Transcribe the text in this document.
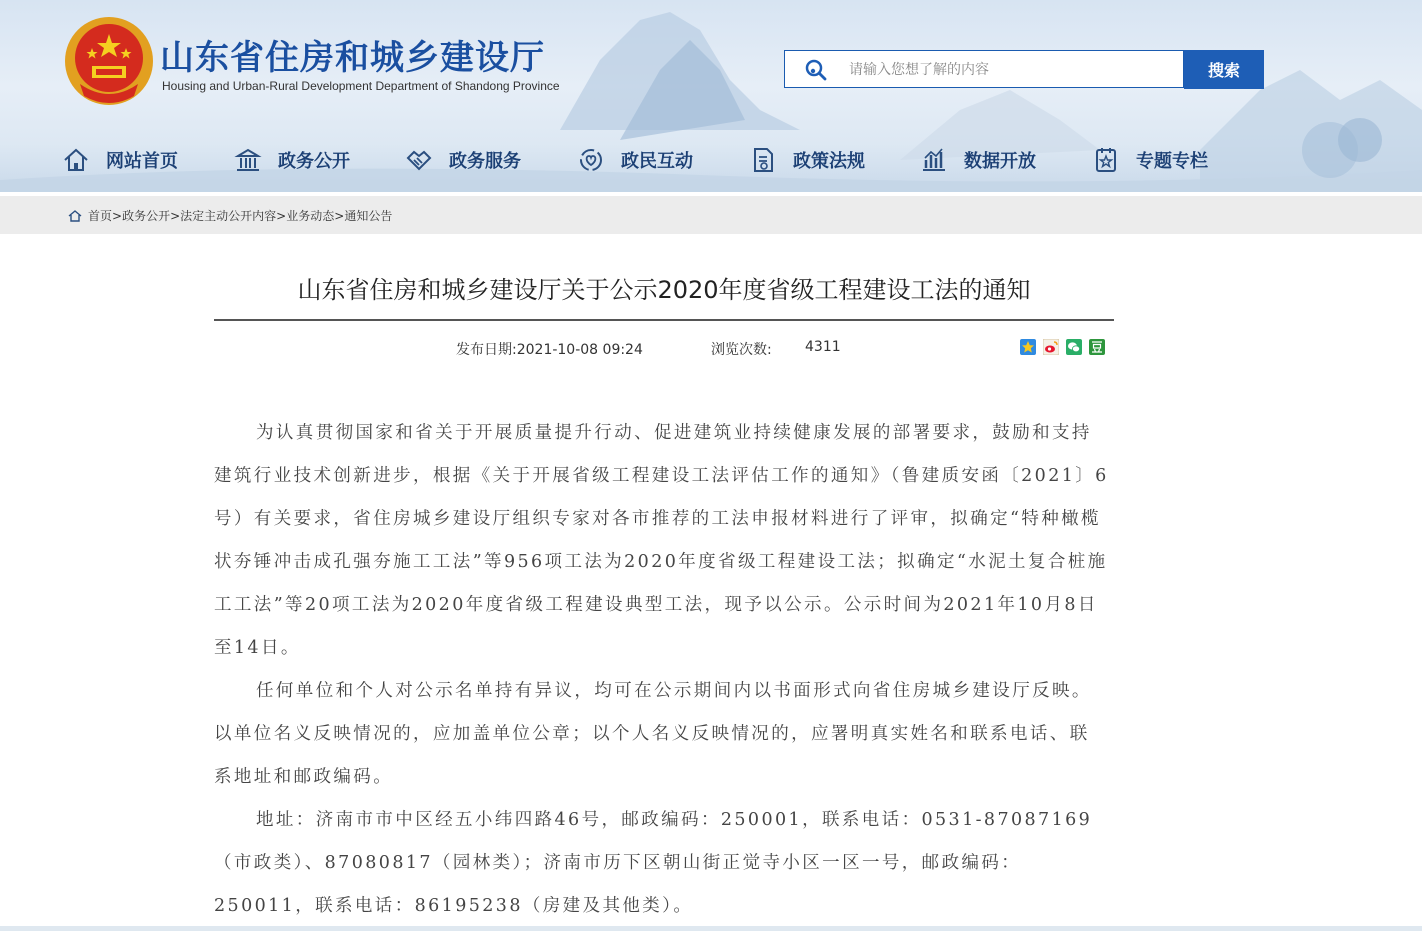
山东省住房和城乡建设厅
Housing and Urban-Rural Development Department of Shandong Province
请输入您想了解的内容
搜索
网站首页	政务公开	政务服务	政民互动	政策法规	数据开放	专题专栏
首页 > 政务公开 > 法定主动公开内容 > 业务动态 > 通知公告
山东省住房和城乡建设厅关于公示2020年度省级工程建设工法的通知
发布日期:2021-10-08 09:24	浏览次数: 4311

为认真贯彻国家和省关于开展质量提升行动、促进建筑业持续健康发展的部署要求，鼓励和支持建筑行业技术创新进步，根据《关于开展省级工程建设工法评估工作的通知》（鲁建质安函〔2021〕6号）有关要求，省住房城乡建设厅组织专家对各市推荐的工法申报材料进行了评审，拟确定“特种橄榄状夯锤冲击成孔强夯施工工法”等956项工法为2020年度省级工程建设工法；拟确定“水泥土复合桩施工工法”等20项工法为2020年度省级工程建设典型工法，现予以公示。公示时间为2021年10月8日至14日。

任何单位和个人对公示名单持有异议，均可在公示期间内以书面形式向省住房城乡建设厅反映。以单位名义反映情况的，应加盖单位公章；以个人名义反映情况的，应署明真实姓名和联系电话、联系地址和邮政编码。

地址：济南市市中区经五小纬四路46号，邮政编码：250001，联系电话：0531-87087169（市政类）、87080817（园林类）；济南市历下区朝山街正觉寺小区一区一号，邮政编码：250011，联系电话：86195238（房建及其他类）。
